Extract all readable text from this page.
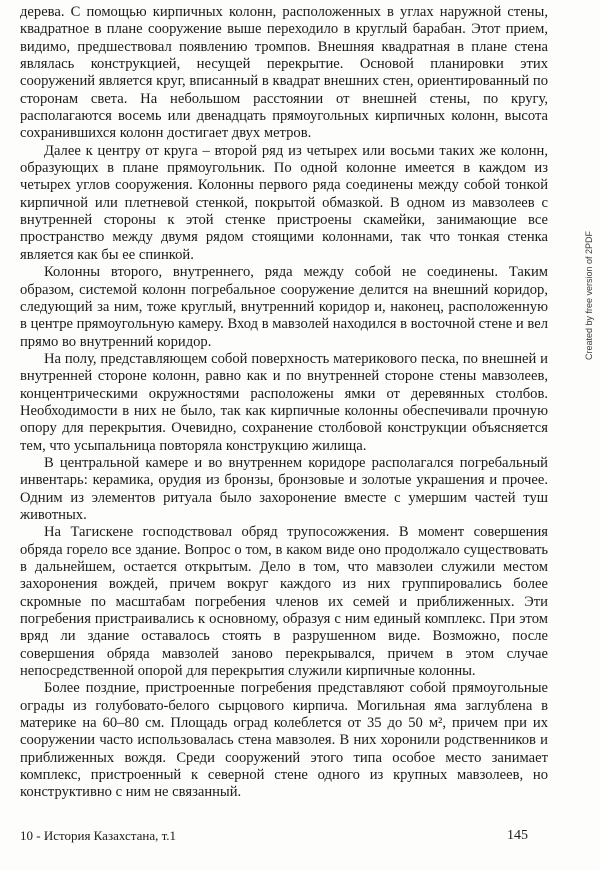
дерева. С помощью кирпичных колонн, расположенных в углах наружной стены, квадратное в плане сооружение выше переходило в круглый барабан. Этот прием, видимо, предшествовал появлению тромпов. Внешняя квадратная в плане стена являлась конструкцией, несущей перекрытие. Основой планировки этих сооружений является круг, вписанный в квадрат внешних стен, ориентированный по сторонам света. На небольшом расстоянии от внешней стены, по кругу, располагаются восемь или двенадцать прямоугольных кирпичных колонн, высота сохранившихся колонн достигает двух метров.

Далее к центру от круга – второй ряд из четырех или восьми таких же колонн, образующих в плане прямоугольник. По одной колонне имеется в каждом из четырех углов сооружения. Колонны первого ряда соединены между собой тонкой кирпичной или плетневой стенкой, покрытой обмазкой. В одном из мавзолеев с внутренней стороны к этой стенке пристроены скамейки, занимающие все пространство между двумя рядом стоящими колоннами, так что тонкая стенка является как бы ее спинкой.

Колонны второго, внутреннего, ряда между собой не соединены. Таким образом, системой колонн погребальное сооружение делится на внешний коридор, следующий за ним, тоже круглый, внутренний коридор и, наконец, расположенную в центре прямоугольную камеру. Вход в мавзолей находился в восточной стене и вел прямо во внутренний коридор.

На полу, представляющем собой поверхность материкового песка, по внешней и внутренней стороне колонн, равно как и по внутренней стороне стены мавзолеев, концентрическими окружностями расположены ямки от деревянных столбов. Необходимости в них не было, так как кирпичные колонны обеспечивали прочную опору для перекрытия. Очевидно, сохранение столбовой конструкции объясняется тем, что усыпальница повторяла конструкцию жилища.

В центральной камере и во внутреннем коридоре располагался погребальный инвентарь: керамика, орудия из бронзы, бронзовые и золотые украшения и прочее. Одним из элементов ритуала было захоронение вместе с умершим частей туш животных.

На Тагискене господствовал обряд трупосожжения. В момент совершения обряда горело все здание. Вопрос о том, в каком виде оно продолжало существовать в дальнейшем, остается открытым. Дело в том, что мавзолеи служили местом захоронения вождей, причем вокруг каждого из них группировались более скромные по масштабам погребения членов их семей и приближенных. Эти погребения пристраивались к основному, образуя с ним единый комплекс. При этом вряд ли здание оставалось стоять в разрушенном виде. Возможно, после совершения обряда мавзолей заново перекрывался, причем в этом случае непосредственной опорой для перекрытия служили кирпичные колонны.

Более поздние, пристроенные погребения представляют собой прямоугольные ограды из голубовато-белого сырцового кирпича. Могильная яма заглублена в материке на 60–80 см. Площадь оград колеблется от 35 до 50 м², причем при их сооружении часто использовалась стена мавзолея. В них хоронили родственников и приближенных вождя. Среди сооружений этого типа особое место занимает комплекс, пристроенный к северной стене одного из крупных мавзолеев, но конструктивно с ним не связанный.

10 - История Казахстана, т.1	145
Created by free version of 2PDF
